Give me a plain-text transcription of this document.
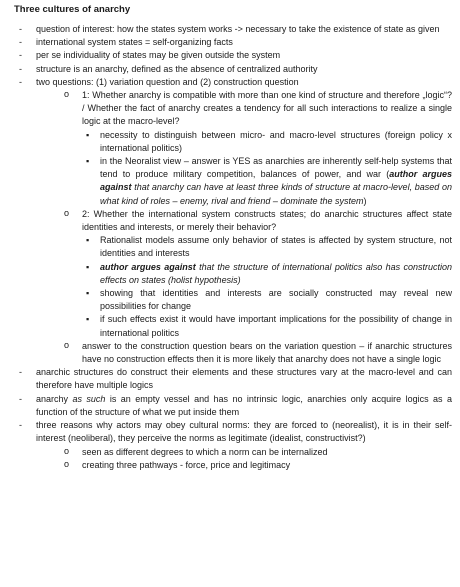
Three cultures of anarchy
- question of interest: how the states system works -> necessary to take the existence of state as given
- international system states = self-organizing facts
- per se individuality of states may be given outside the system
- structure is an anarchy, defined as the absence of centralized authority
- two questions: (1) variation question and (2) construction question
o 1: Whether anarchy is compatible with more than one kind of structure and therefore „logic“? / Whether the fact of anarchy creates a tendency for all such interactions to realize a single logic at the macro-level?
▪ necessity to distinguish between micro- and macro-level structures (foreign policy x international politics)
▪ in the Neoralist view – answer is YES as anarchies are inherently self-help systems that tend to produce military competition, balances of power, and war (author argues against that anarchy can have at least three kinds of structure at macro-level, based on what kind of roles – enemy, rival and friend – dominate the system)
o 2: Whether the international system constructs states; do anarchic structures affect state identities and interests, or merely their behavior?
▪ Rationalist models assume only behavior of states is affected by system structure, not identities and interests
▪ author argues against that the structure of international politics also has construction effects on states (holist hypothesis)
▪ showing that identities and interests are socially constructed may reveal new possibilities for change
▪ if such effects exist it would have important implications for the possibility of change in international politics
o answer to the construction question bears on the variation question – if anarchic structures have no construction effects then it is more likely that anarchy does not have a single logic
- anarchic structures do construct their elements and these structures vary at the macro-level and can therefore have multiple logics
- anarchy as such is an empty vessel and has no intrinsic logic, anarchies only acquire logics as a function of the structure of what we put inside them
- three reasons why actors may obey cultural norms: they are forced to (neorealist), it is in their self-interest (neoliberal), they perceive the norms as legitimate (idealist, constructivist?)
o seen as different degrees to which a norm can be internalized
o creating three pathways - force, price and legitimacy
